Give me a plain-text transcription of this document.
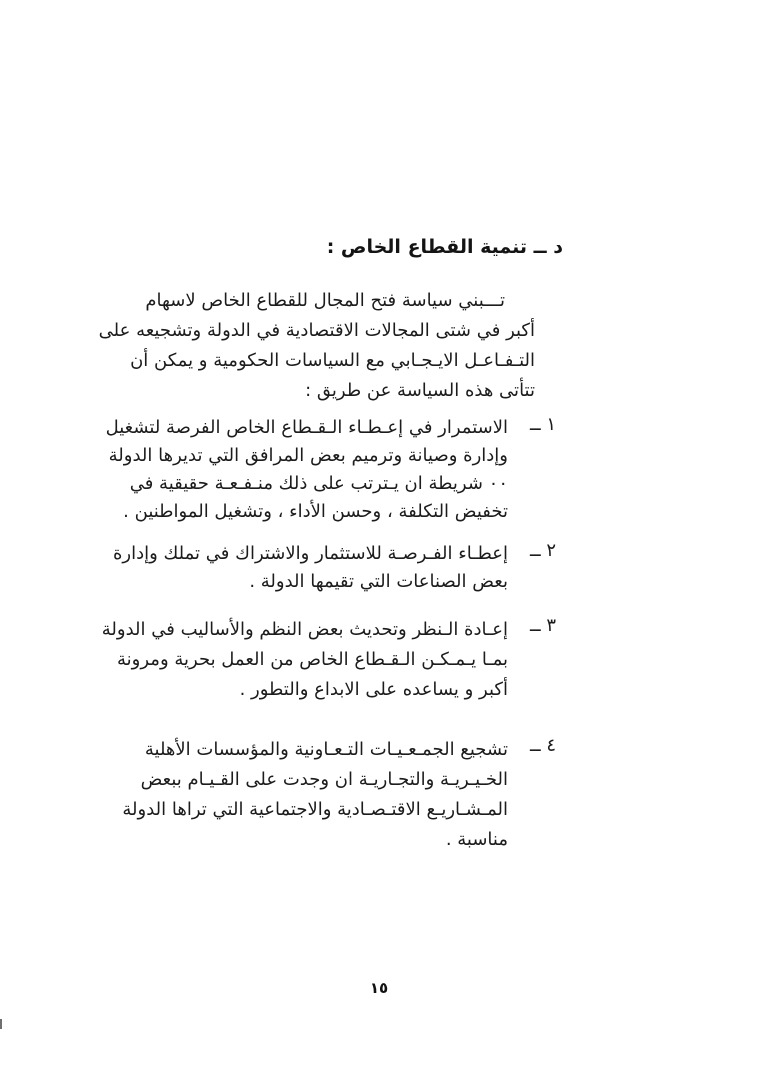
د ــ تنمية القطاع الخاص :
تـــبني سياسة فتح المجال للقطاع الخاص لاسهام
أكبر في شتى المجالات الاقتصادية في الدولة وتشجيعه على
التـفـاعـل الايـجـابي مع السياسات الحكومية و يمكن أن
تتأتى هذه السياسة عن طريق :
١ ــ
الاستمرار في إعـطـاء الـقـطاع الخاص الفرصة لتشغيل
وإدارة وصيانة وترميم بعض المرافق التي تديرها الدولة
٠٠ شريطة ان يـترتب على ذلك منـفـعـة حقيقية في
تخفيض التكلفة ، وحسن الأداء ، وتشغيل المواطنين .
٢ ــ
إعطـاء الفـرصـة للاستثمار والاشتراك في تملك وإدارة
بعض الصناعات التي تقيمها الدولة .
٣ ــ
إعـادة الـنظر وتحديث بعض النظم والأساليب في الدولة
بمـا يـمـكـن الـقـطاع الخاص من العمل بحرية ومرونة
أكبر و يساعده على الابداع والتطور .
٤ ــ
تشجيع الجمـعـيـات التـعـاونية والمؤسسات الأهلية
الخـيـريـة والتجـاريـة ان وجدت على القـيـام ببعض
المـشـاريـع الاقتـصـادية والاجتماعية التي تراها الدولة
مناسبة .
١٥
